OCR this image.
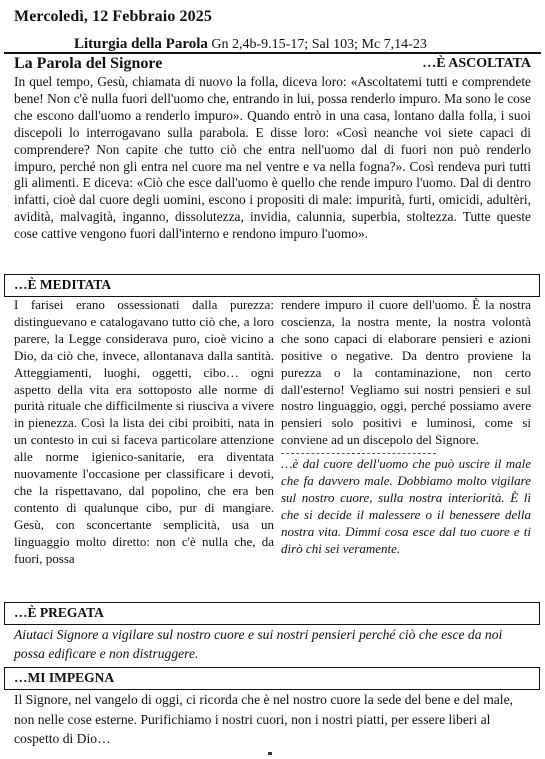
Mercoledì, 12 Febbraio 2025
Liturgia della Parola Gn 2,4b-9.15-17; Sal 103; Mc 7,14-23
La Parola del Signore	…È ASCOLTATA

In quel tempo, Gesù, chiamata di nuovo la folla, diceva loro: «Ascoltatemi tutti e comprendete bene! Non c'è nulla fuori dell'uomo che, entrando in lui, possa renderlo impuro. Ma sono le cose che escono dall'uomo a renderlo impuro». Quando entrò in una casa, lontano dalla folla, i suoi discepoli lo interrogavano sulla parabola. E disse loro: «Così neanche voi siete capaci di comprendere? Non capite che tutto ciò che entra nell'uomo dal di fuori non può renderlo impuro, perché non gli entra nel cuore ma nel ventre e va nella fogna?». Così rendeva puri tutti gli alimenti. E diceva: «Ciò che esce dall'uomo è quello che rende impuro l'uomo. Dal di dentro infatti, cioè dal cuore degli uomini, escono i propositi di male: impurità, furti, omicidi, adultèri, avidità, malvagità, inganno, dissolutezza, invidia, calunnia, superbia, stoltezza. Tutte queste cose cattive vengono fuori dall'interno e rendono impuro l'uomo».

…È MEDITATA

I farisei erano ossessionati dalla purezza: distinguevano e catalogavano tutto ciò che, a loro parere, la Legge considerava puro, cioè vicino a Dio, da ciò che, invece, allontanava dalla santità. Atteggiamenti, luoghi, oggetti, cibo… ogni aspetto della vita era sottoposto alle norme di purità rituale che difficilmente si riusciva a vivere in pienezza. Così la lista dei cibi proibiti, nata in un contesto in cui si faceva particolare attenzione alle norme igienico-sanitarie, era diventata nuovamente l'occasione per classificare i devoti, che la rispettavano, dal popolino, che era ben contento di qualunque cibo, pur di mangiare. Gesù, con sconcertante semplicità, usa un linguaggio molto diretto: non c'è nulla che, da fuori, possa

rendere impuro il cuore dell'uomo. È la nostra coscienza, la nostra mente, la nostra volontà che sono capaci di elaborare pensieri e azioni positive o negative. Da dentro proviene la purezza o la contaminazione, non certo dall'esterno! Vegliamo sui nostri pensieri e sul nostro linguaggio, oggi, perché possiamo avere pensieri solo positivi e luminosi, come si conviene ad un discepolo del Signore.

…è dal cuore dell'uomo che può uscire il male che fa davvero male. Dobbiamo molto vigilare sul nostro cuore, sulla nostra interiorità. È lì che si decide il malessere o il benessere della nostra vita. Dimmi cosa esce dal tuo cuore e ti dirò chi sei veramente.

…È PREGATA

Aiutaci Signore a vigilare sul nostro cuore e sui nostri pensieri perché ciò che esce da noi possa edificare e non distruggere.

…MI IMPEGNA

Il Signore, nel vangelo di oggi, ci ricorda che è nel nostro cuore la sede del bene e del male, non nelle cose esterne. Purifichiamo i nostri cuori, non i nostri piatti, per essere liberi al cospetto di Dio…
